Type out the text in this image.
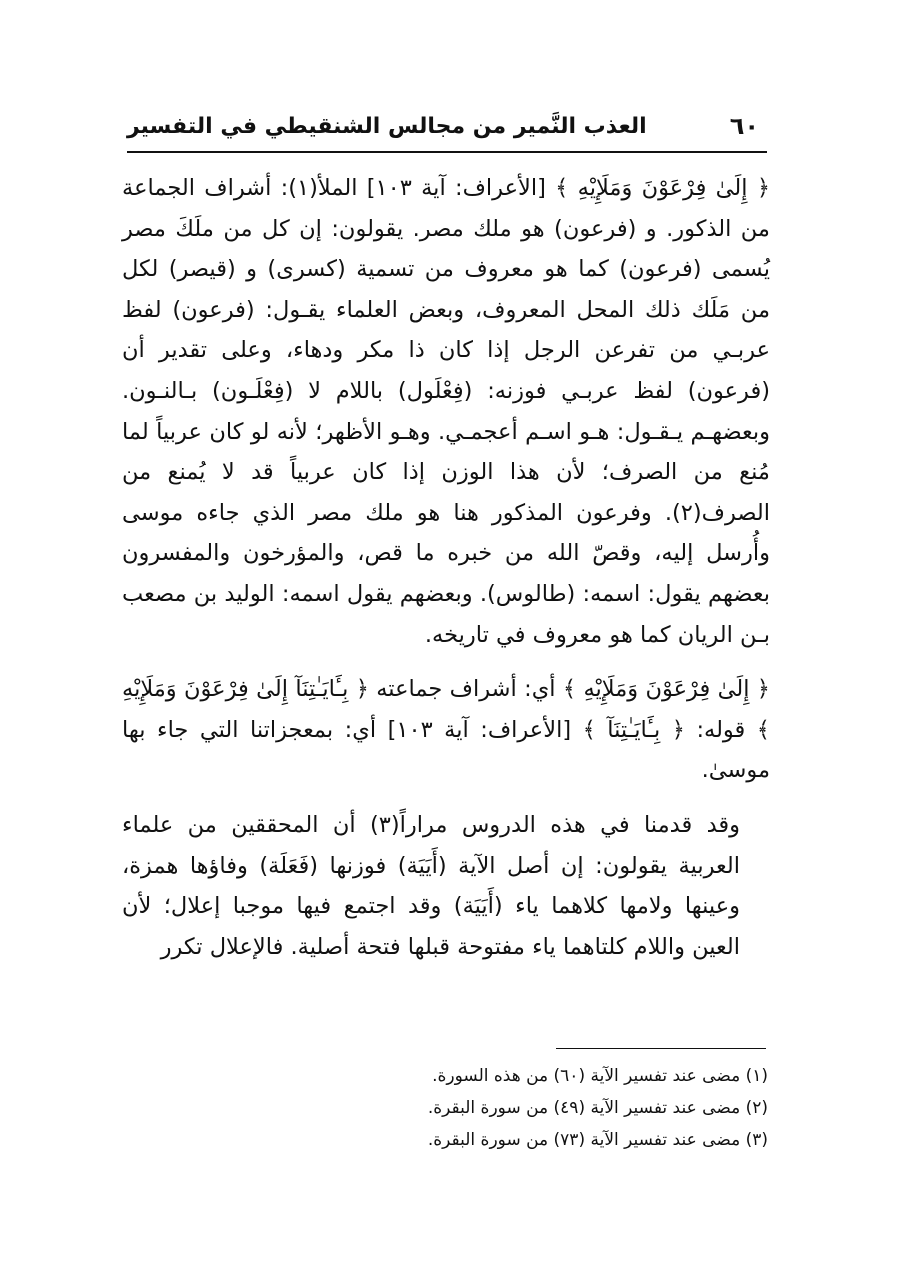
٦٠
العذب النَّمير من مجالس الشنقيطي في التفسير

﴿ إِلَىٰ فِرْعَوْنَ وَمَلَإِيْهِ ﴾ [الأعراف: آية ١٠٣] الملأ(١): أشراف الجماعة من الذكور. و (فرعون) هو ملك مصر. يقولون: إن كل من ملَكَ مصر يُسمى (فرعون) كما هو معروف من تسمية (كسرى) و (قيصر) لكل من مَلَك ذلك المحل المعروف، وبعض العلماء يقـول: (فرعون) لفظ عربـي من تفرعن الرجل إذا كان ذا مكر ودهاء، وعلى تقدير أن (فرعون) لفظ عربـي فوزنه: (فِعْلَول) باللام لا (فِعْلَـون) بـالنـون. وبعضهـم يـقـول: هـو اسـم أعجمـي. وهـو الأظهر؛ لأنه لو كان عربياً لما مُنع من الصرف؛ لأن هذا الوزن إذا كان عربياً قد لا يُمنع من الصرف(٢). وفرعون المذكور هنا هو ملك مصر الذي جاءه موسى وأُرسل إليه، وقصّ الله من خبره ما قص، والمؤرخون والمفسرون بعضهم يقول: اسمه: (طالوس). وبعضهم يقول اسمه: الوليد بن مصعب بـن الريان كما هو معروف في تاريخه.

﴿ إِلَىٰ فِرْعَوْنَ وَمَلَإِيْهِ ﴾ أي: أشراف جماعته ﴿ بِـَٔايَـٰتِنَآ إِلَىٰ فِرْعَوْنَ وَمَلَإِيْهِ ﴾ قوله: ﴿ بِـَٔايَـٰتِنَآ ﴾ [الأعراف: آية ١٠٣] أي: بمعجزاتنا التي جاء بها موسىٰ.

وقد قدمنا في هذه الدروس مراراً(٣) أن المحققين من علماء العربية يقولون: إن أصل الآية (أَيَيَة) فوزنها (فَعَلَة) وفاؤها همزة، وعينها ولامها كلاهما ياء (أَيَيَة) وقد اجتمع فيها موجبا إعلال؛ لأن العين واللام كلتاهما ياء مفتوحة قبلها فتحة أصلية. فالإعلال تكرر

(١) مضى عند تفسير الآية (٦٠) من هذه السورة.

(٢) مضى عند تفسير الآية (٤٩) من سورة البقرة.

(٣) مضى عند تفسير الآية (٧٣) من سورة البقرة.
